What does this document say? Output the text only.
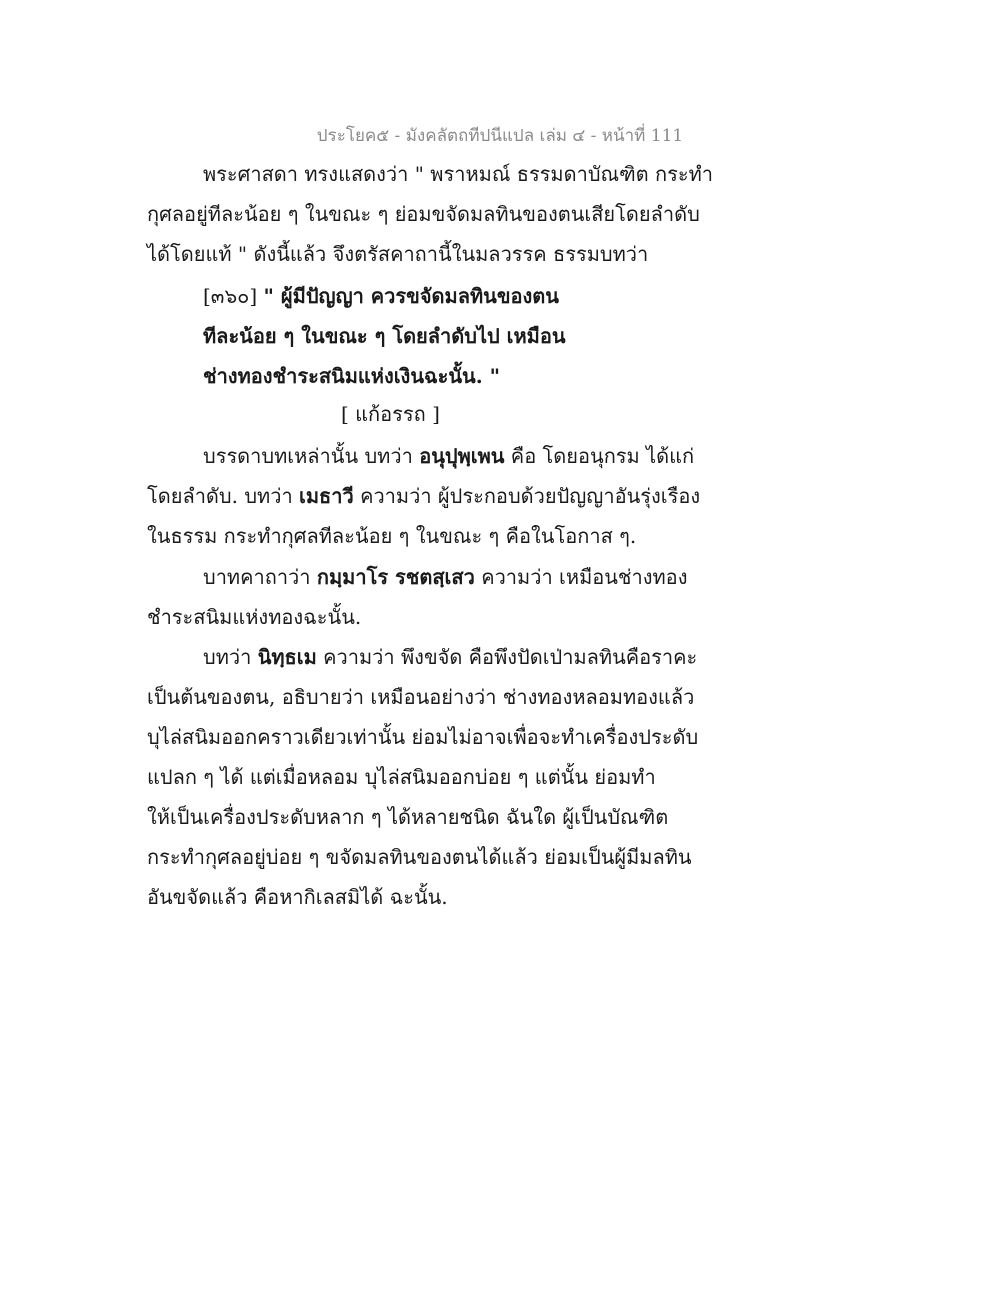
ประโยค๕ - มังคลัตถทีปนีแปล เล่ม ๔ - หน้าที่ 111
พระศาสดา ทรงแสดงว่า " พราหมณ์ ธรรมดาบัณฑิต กระทำ
กุศลอยู่ทีละน้อย ๆ ในขณะ ๆ ย่อมขจัดมลทินของตนเสียโดยลำดับ
ได้โดยแท้ " ดังนี้แล้ว จึงตรัสคาถานี้ในมลวรรค ธรรมบทว่า
[๓๖๐] " ผู้มีปัญญา ควรขจัดมลทินของตน
ทีละน้อย ๆ ในขณะ ๆ โดยลำดับไป เหมือน
ช่างทองชำระสนิมแห่งเงินฉะนั้น. "
[ แก้อรรถ ]
บรรดาบทเหล่านั้น บทว่า อนุปุพฺเพน คือ โดยอนุกรม ได้แก่
โดยลำดับ. บทว่า เมธาวี ความว่า ผู้ประกอบด้วยปัญญาอันรุ่งเรือง
ในธรรม กระทำกุศลทีละน้อย ๆ ในขณะ ๆ คือในโอกาส ๆ.
บาทคาถาว่า กมฺมาโร รชตสฺเสว ความว่า เหมือนช่างทอง
ชำระสนิมแห่งทองฉะนั้น.
บทว่า นิทฺธเม ความว่า พึงขจัด คือพึงปัดเป่ามลทินคือราคะ
เป็นต้นของตน, อธิบายว่า เหมือนอย่างว่า ช่างทองหลอมทองแล้ว
บุไล่สนิมออกคราวเดียวเท่านั้น ย่อมไม่อาจเพื่อจะทำเครื่องประดับ
แปลก ๆ ได้ แต่เมื่อหลอม บุไล่สนิมออกบ่อย ๆ แต่นั้น ย่อมทำ
ให้เป็นเครื่องประดับหลาก ๆ ได้หลายชนิด ฉันใด ผู้เป็นบัณฑิต
กระทำกุศลอยู่บ่อย ๆ ขจัดมลทินของตนได้แล้ว ย่อมเป็นผู้มีมลทิน
อันขจัดแล้ว คือหากิเลสมิได้ ฉะนั้น.
